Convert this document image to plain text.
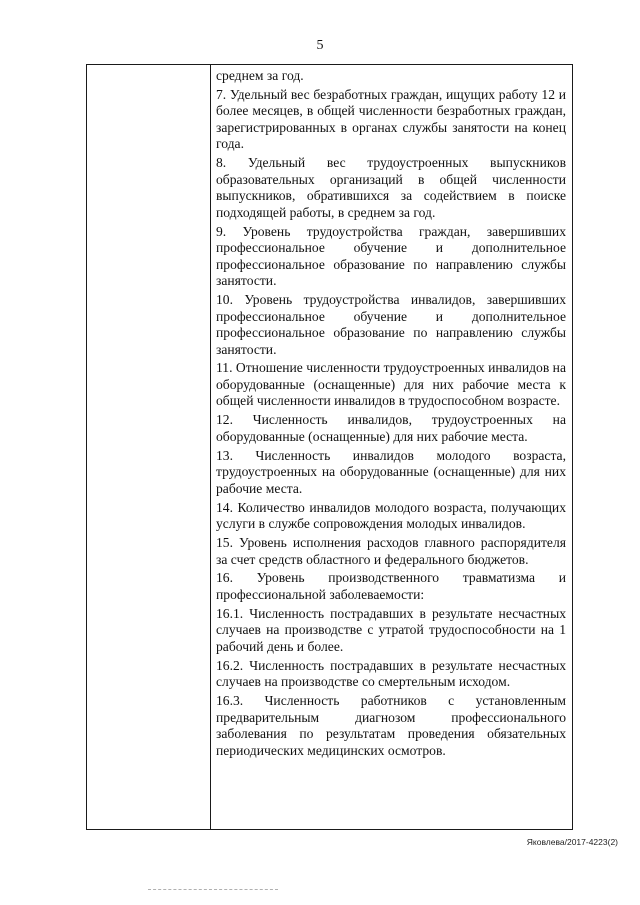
5

среднем за год.

7. Удельный вес безработных граждан, ищущих работу 12 и более месяцев, в общей численности безработных граждан, зарегистрированных в органах службы занятости на конец года.

8. Удельный вес трудоустроенных выпускников образовательных организаций в общей численности выпускников, обратившихся за содействием в поиске подходящей работы, в среднем за год.

9. Уровень трудоустройства граждан, завершивших профессиональное обучение и дополнительное профессиональное образование по направлению службы занятости.

10. Уровень трудоустройства инвалидов, завершивших профессиональное обучение и дополнительное профессиональное образование по направлению службы занятости.

11. Отношение численности трудоустроенных инвалидов на оборудованные (оснащенные) для них рабочие места к общей численности инвалидов в трудоспособном возрасте.

12. Численность инвалидов, трудоустроенных на оборудованные (оснащенные) для них рабочие места.

13. Численность инвалидов молодого возраста, трудоустроенных на оборудованные (оснащенные) для них рабочие места.

14. Количество инвалидов молодого возраста, получающих услуги в службе сопровождения молодых инвалидов.

15. Уровень исполнения расходов главного распорядителя за счет средств областного и федерального бюджетов.

16. Уровень производственного травматизма и профессиональной заболеваемости:

16.1. Численность пострадавших в результате несчастных случаев на производстве с утратой трудоспособности на 1 рабочий день и более.

16.2. Численность пострадавших в результате несчастных случаев на производстве со смертельным исходом.

16.3. Численность работников с установленным предварительным диагнозом профессионального заболевания по результатам проведения обязательных периодических медицинских осмотров.

Яковлева/2017-4223(2)
